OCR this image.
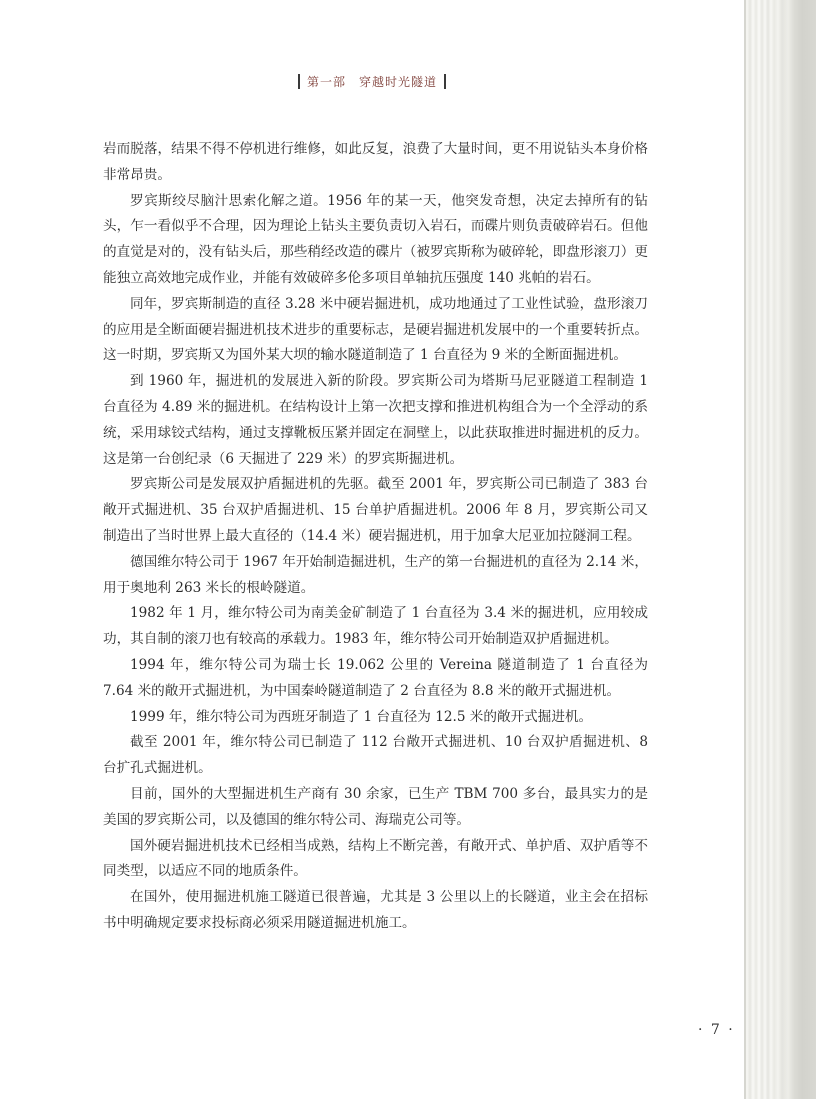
第一部　穿越时光隧道

岩而脱落，结果不得不停机进行维修，如此反复，浪费了大量时间，更不用说钻头本身价格非常昂贵。

罗宾斯绞尽脑汁思索化解之道。1956 年的某一天，他突发奇想，决定去掉所有的钻头，乍一看似乎不合理，因为理论上钻头主要负责切入岩石，而碟片则负责破碎岩石。但他的直觉是对的，没有钻头后，那些稍经改造的碟片（被罗宾斯称为破碎轮，即盘形滚刀）更能独立高效地完成作业，并能有效破碎多伦多项目单轴抗压强度 140 兆帕的岩石。

同年，罗宾斯制造的直径 3.28 米中硬岩掘进机，成功地通过了工业性试验，盘形滚刀的应用是全断面硬岩掘进机技术进步的重要标志，是硬岩掘进机发展中的一个重要转折点。这一时期，罗宾斯又为国外某大坝的输水隧道制造了 1 台直径为 9 米的全断面掘进机。

到 1960 年，掘进机的发展进入新的阶段。罗宾斯公司为塔斯马尼亚隧道工程制造 1 台直径为 4.89 米的掘进机。在结构设计上第一次把支撑和推进机构组合为一个全浮动的系统，采用球铰式结构，通过支撑靴板压紧并固定在洞壁上，以此获取推进时掘进机的反力。这是第一台创纪录（6 天掘进了 229 米）的罗宾斯掘进机。

罗宾斯公司是发展双护盾掘进机的先驱。截至 2001 年，罗宾斯公司已制造了 383 台敞开式掘进机、35 台双护盾掘进机、15 台单护盾掘进机。2006 年 8 月，罗宾斯公司又制造出了当时世界上最大直径的（14.4 米）硬岩掘进机，用于加拿大尼亚加拉隧洞工程。

德国维尔特公司于 1967 年开始制造掘进机，生产的第一台掘进机的直径为 2.14 米，用于奥地利 263 米长的根岭隧道。

1982 年 1 月，维尔特公司为南美金矿制造了 1 台直径为 3.4 米的掘进机，应用较成功，其自制的滚刀也有较高的承载力。1983 年，维尔特公司开始制造双护盾掘进机。

1994 年，维尔特公司为瑞士长 19.062 公里的 Vereina 隧道制造了 1 台直径为 7.64 米的敞开式掘进机，为中国秦岭隧道制造了 2 台直径为 8.8 米的敞开式掘进机。

1999 年，维尔特公司为西班牙制造了 1 台直径为 12.5 米的敞开式掘进机。

截至 2001 年，维尔特公司已制造了 112 台敞开式掘进机、10 台双护盾掘进机、8 台扩孔式掘进机。

目前，国外的大型掘进机生产商有 30 余家，已生产 TBM 700 多台，最具实力的是美国的罗宾斯公司，以及德国的维尔特公司、海瑞克公司等。

国外硬岩掘进机技术已经相当成熟，结构上不断完善，有敞开式、单护盾、双护盾等不同类型，以适应不同的地质条件。

在国外，使用掘进机施工隧道已很普遍，尤其是 3 公里以上的长隧道，业主会在招标书中明确规定要求投标商必须采用隧道掘进机施工。

· 7 ·
